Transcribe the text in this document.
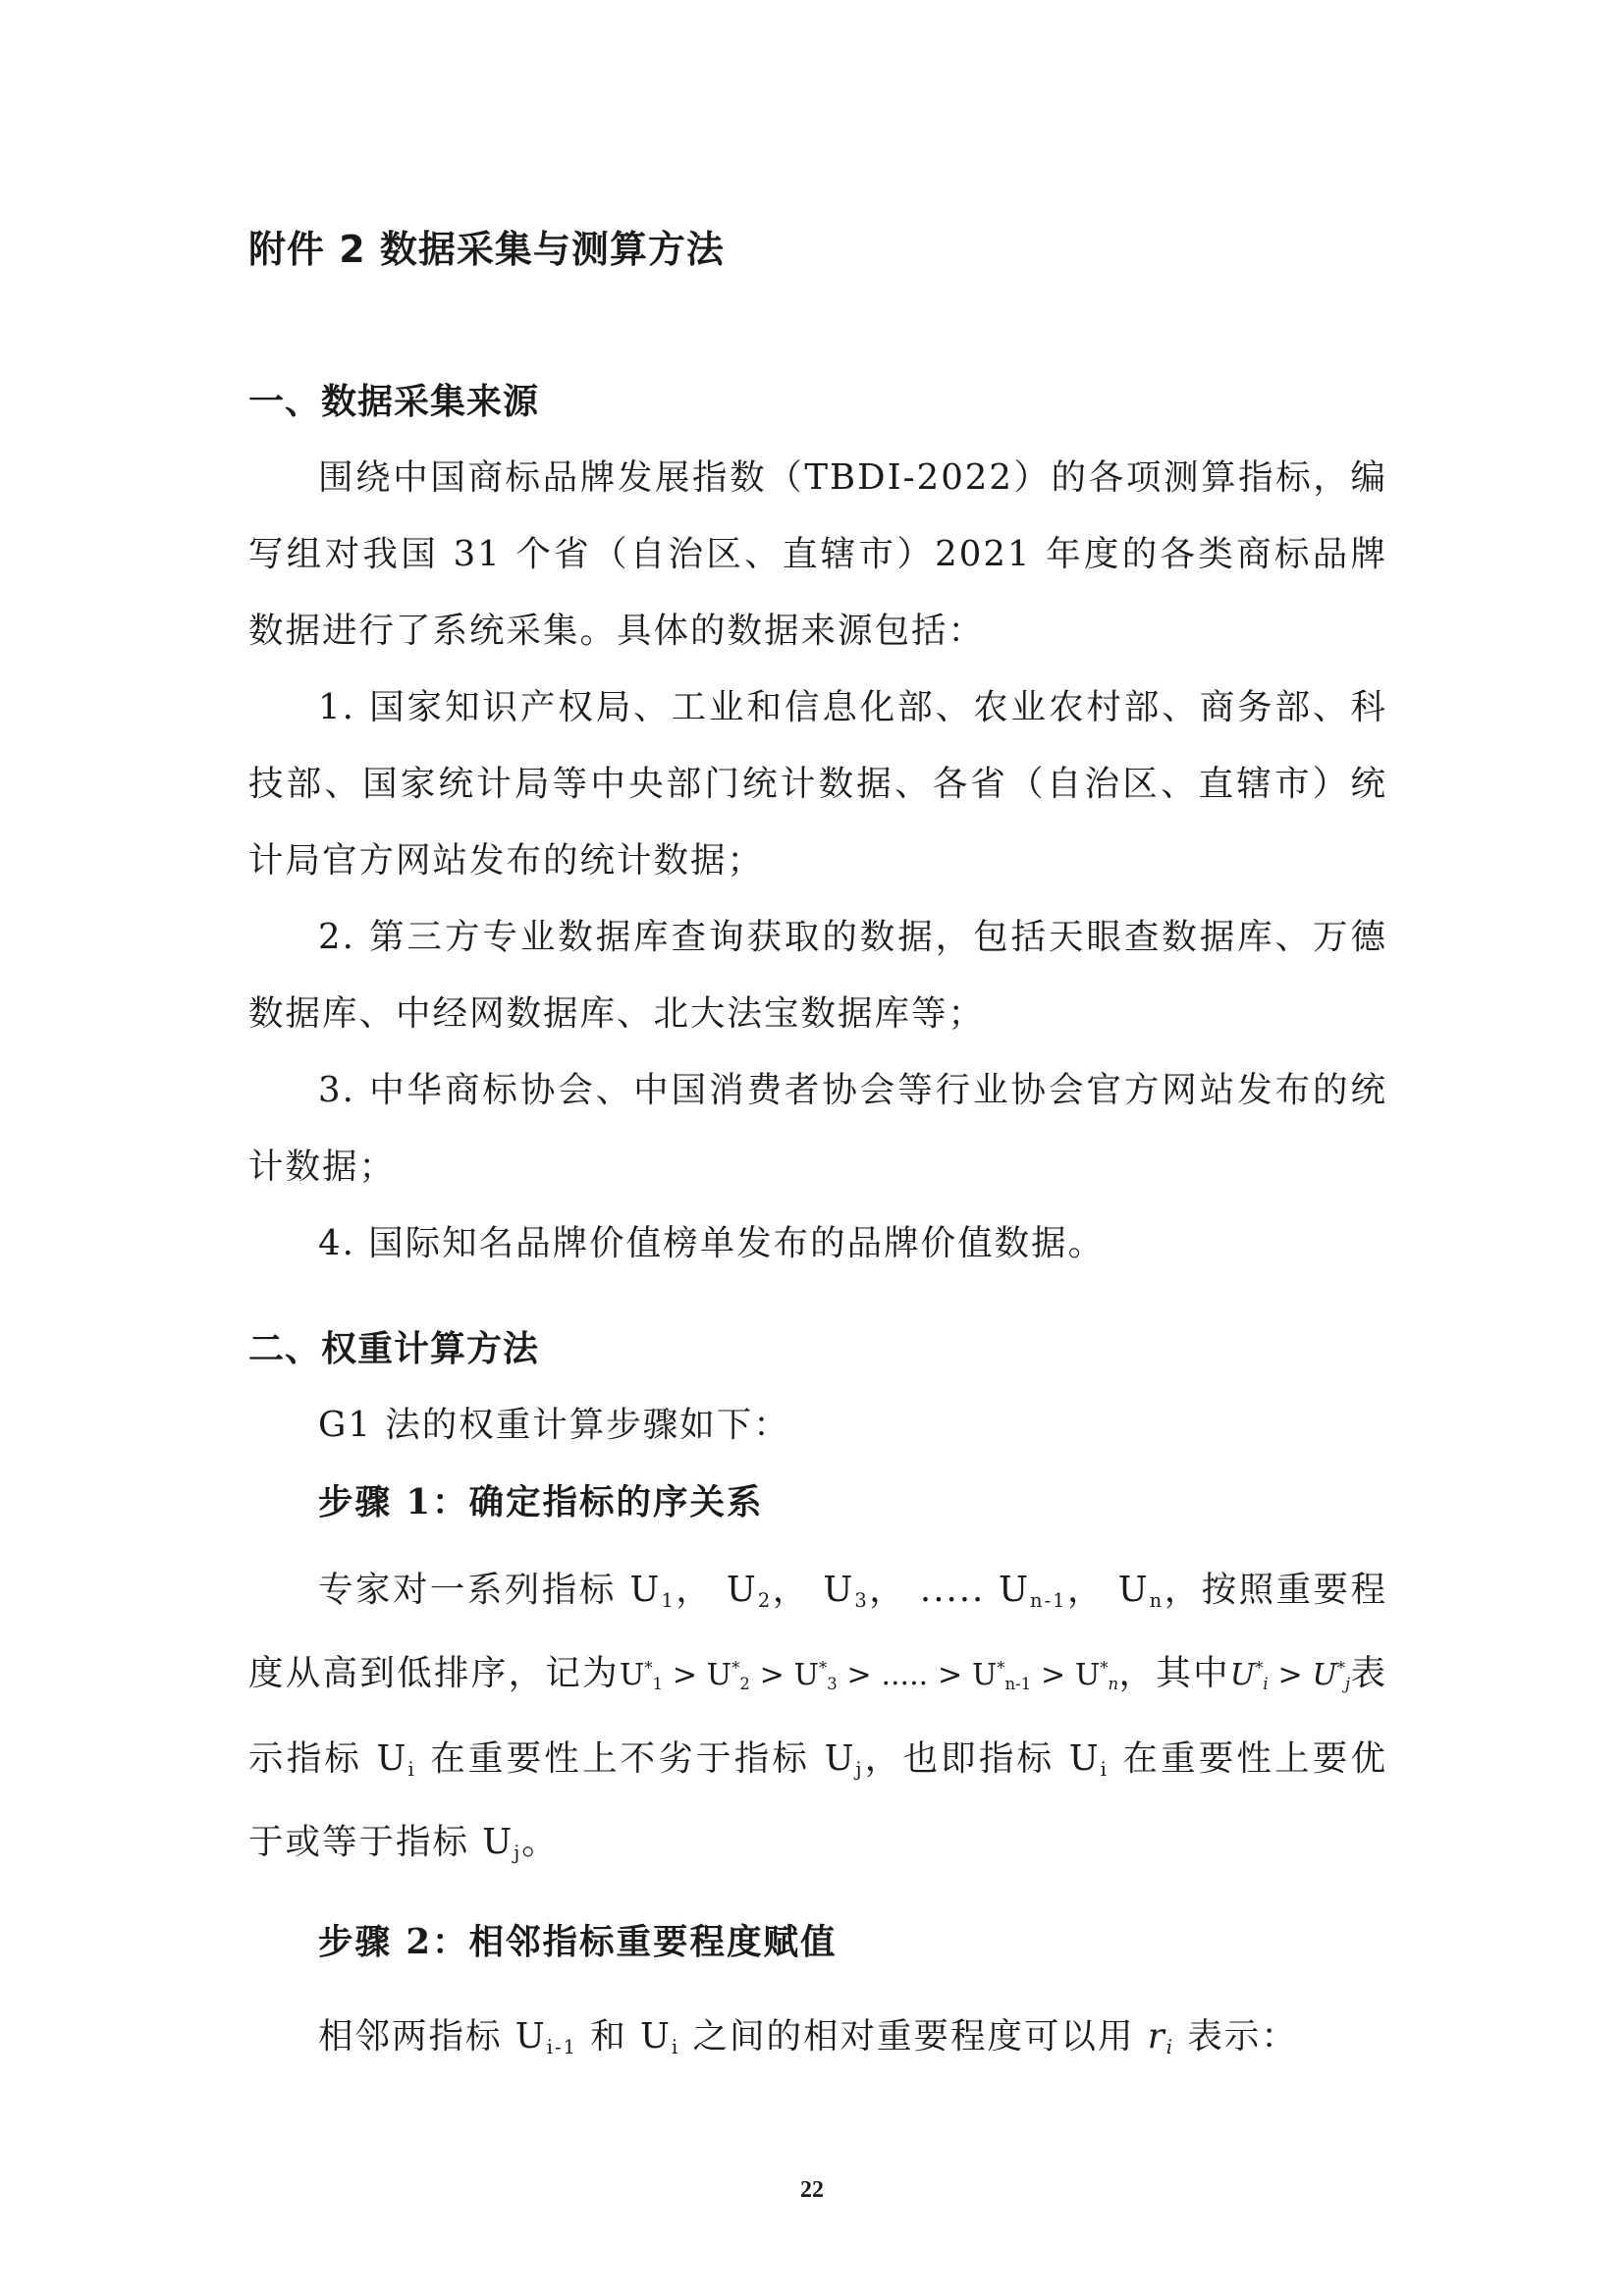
附件 2 数据采集与测算方法

一、数据采集来源

围绕中国商标品牌发展指数（TBDI-2022）的各项测算指标，编写组对我国 31 个省（自治区、直辖市）2021 年度的各类商标品牌数据进行了系统采集。具体的数据来源包括：

1. 国家知识产权局、工业和信息化部、农业农村部、商务部、科技部、国家统计局等中央部门统计数据、各省（自治区、直辖市）统计局官方网站发布的统计数据；

2. 第三方专业数据库查询获取的数据，包括天眼查数据库、万德数据库、中经网数据库、北大法宝数据库等；

3. 中华商标协会、中国消费者协会等行业协会官方网站发布的统计数据；

4. 国际知名品牌价值榜单发布的品牌价值数据。

二、权重计算方法

G1 法的权重计算步骤如下：

步骤 1：确定指标的序关系

专家对一系列指标 $U_1$， $U_2$， $U_3$， ..... $U_{n-1}$， $U_n$，按照重要程度从高到低排序，记为$U^*_1 > U^*_2 > U^*_3$ > ..... > $U^*_{n-1} > U^*_n$，其中$U^*_i > U^*_j$表示指标 $U_i$ 在重要性上不劣于指标 $U_j$，也即指标 $U_i$ 在重要性上要优于或等于指标 $U_j$。

步骤 2：相邻指标重要程度赋值

相邻两指标 $U_{i-1}$ 和 $U_i$ 之间的相对重要程度可以用 $r_i$ 表示：

22
